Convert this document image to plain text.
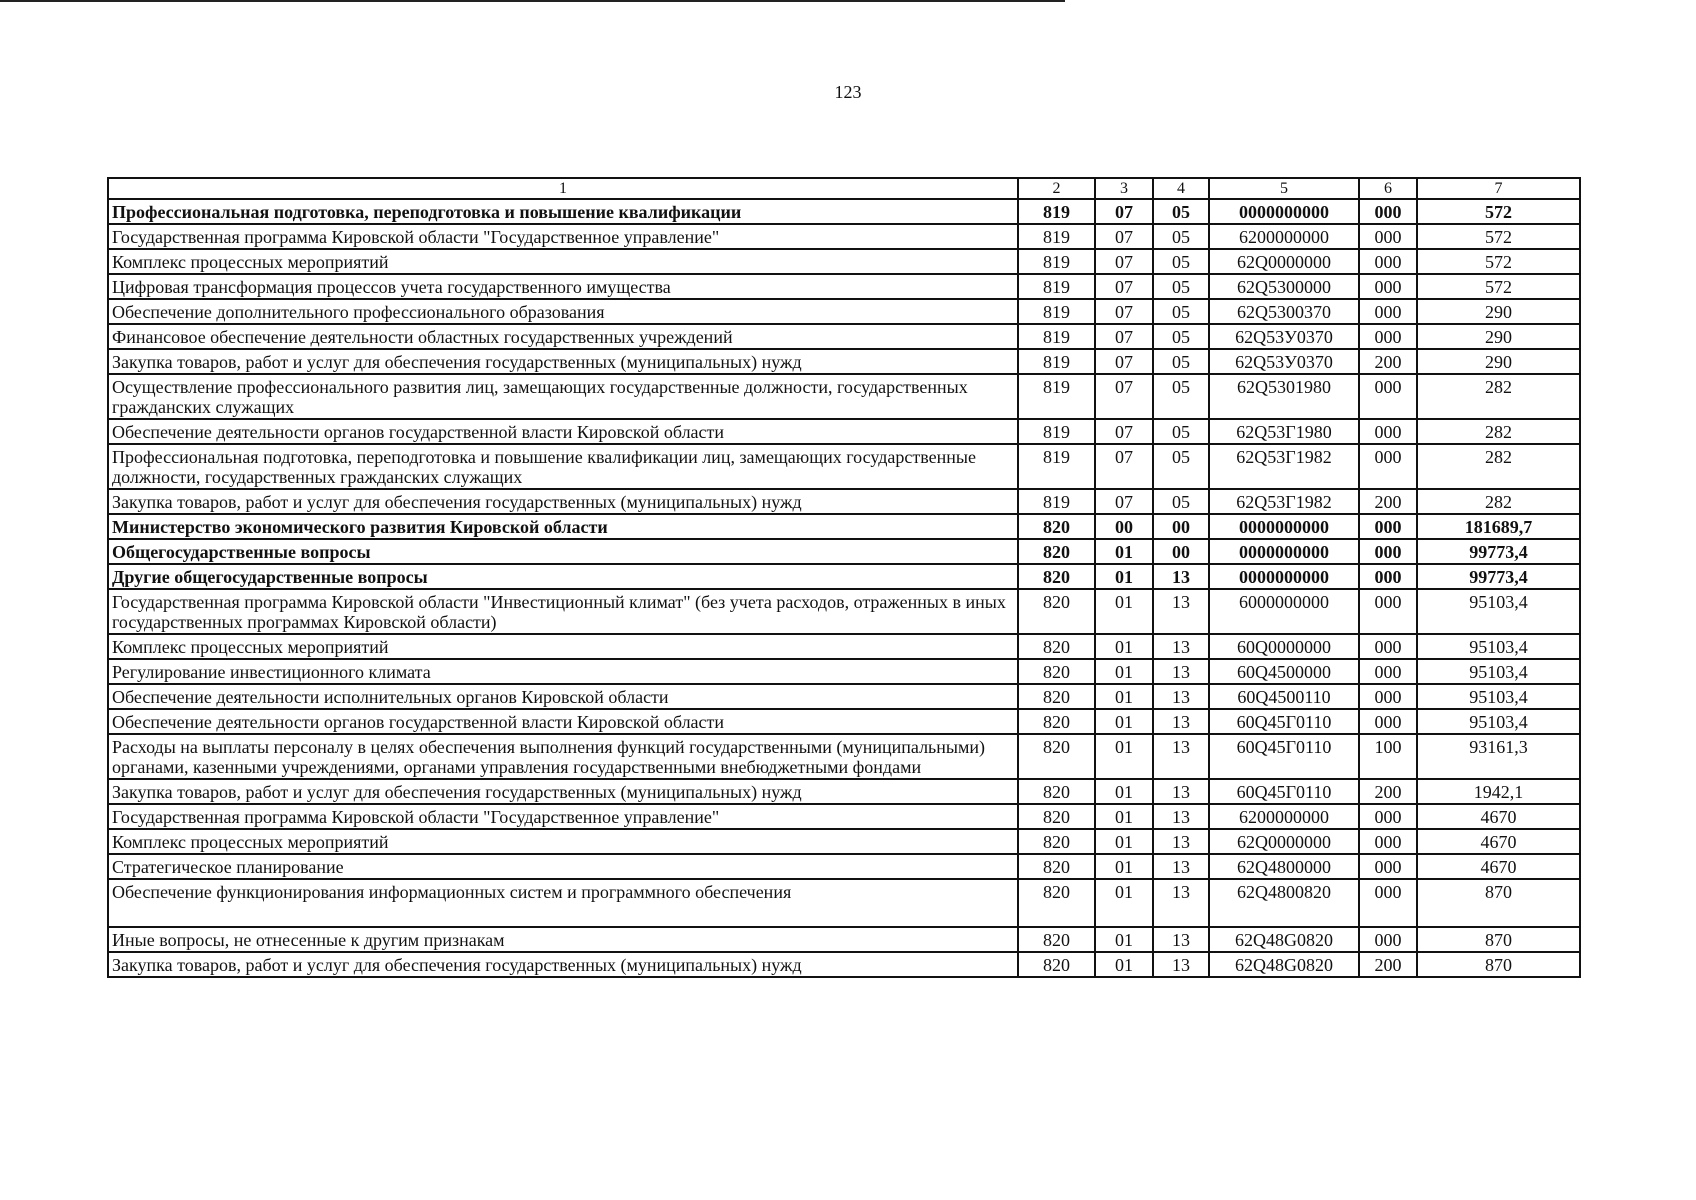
123
1	2	3	4	5	6	7
Профессиональная подготовка, переподготовка и повышение квалификации	819	07	05	0000000000	000	572
Государственная программа Кировской области "Государственное управление"	819	07	05	6200000000	000	572
Комплекс процессных мероприятий	819	07	05	62Q0000000	000	572
Цифровая трансформация процессов учета государственного имущества	819	07	05	62Q5300000	000	572
Обеспечение дополнительного профессионального образования	819	07	05	62Q5300370	000	290
Финансовое обеспечение деятельности областных государственных учреждений	819	07	05	62Q53У0370	000	290
Закупка товаров, работ и услуг для обеспечения государственных (муниципальных) нужд	819	07	05	62Q53У0370	200	290
Осуществление профессионального развития лиц, замещающих государственные должности, государственных гражданских служащих	819	07	05	62Q5301980	000	282
Обеспечение деятельности органов государственной власти Кировской области	819	07	05	62Q53Г1980	000	282
Профессиональная подготовка, переподготовка и повышение квалификации лиц, замещающих государственные должности, государственных гражданских служащих	819	07	05	62Q53Г1982	000	282
Закупка товаров, работ и услуг для обеспечения государственных (муниципальных) нужд	819	07	05	62Q53Г1982	200	282
Министерство экономического развития Кировской области	820	00	00	0000000000	000	181689,7
Общегосударственные вопросы	820	01	00	0000000000	000	99773,4
Другие общегосударственные вопросы	820	01	13	0000000000	000	99773,4
Государственная программа Кировской области "Инвестиционный климат" (без учета расходов, отраженных в иных государственных программах Кировской области)	820	01	13	6000000000	000	95103,4
Комплекс процессных мероприятий	820	01	13	60Q0000000	000	95103,4
Регулирование инвестиционного климата	820	01	13	60Q4500000	000	95103,4
Обеспечение деятельности исполнительных органов Кировской области	820	01	13	60Q4500110	000	95103,4
Обеспечение деятельности органов государственной власти Кировской области	820	01	13	60Q45Г0110	000	95103,4
Расходы на выплаты персоналу в целях обеспечения выполнения функций государственными (муниципальными) органами, казенными учреждениями, органами управления государственными внебюджетными фондами	820	01	13	60Q45Г0110	100	93161,3
Закупка товаров, работ и услуг для обеспечения государственных (муниципальных) нужд	820	01	13	60Q45Г0110	200	1942,1
Государственная программа Кировской области "Государственное управление"	820	01	13	6200000000	000	4670
Комплекс процессных мероприятий	820	01	13	62Q0000000	000	4670
Стратегическое планирование	820	01	13	62Q4800000	000	4670
Обеспечение функционирования информационных систем и программного обеспечения	820	01	13	62Q4800820	000	870
Иные вопросы, не отнесенные к другим признакам	820	01	13	62Q48G0820	000	870
Закупка товаров, работ и услуг для обеспечения государственных (муниципальных) нужд	820	01	13	62Q48G0820	200	870
